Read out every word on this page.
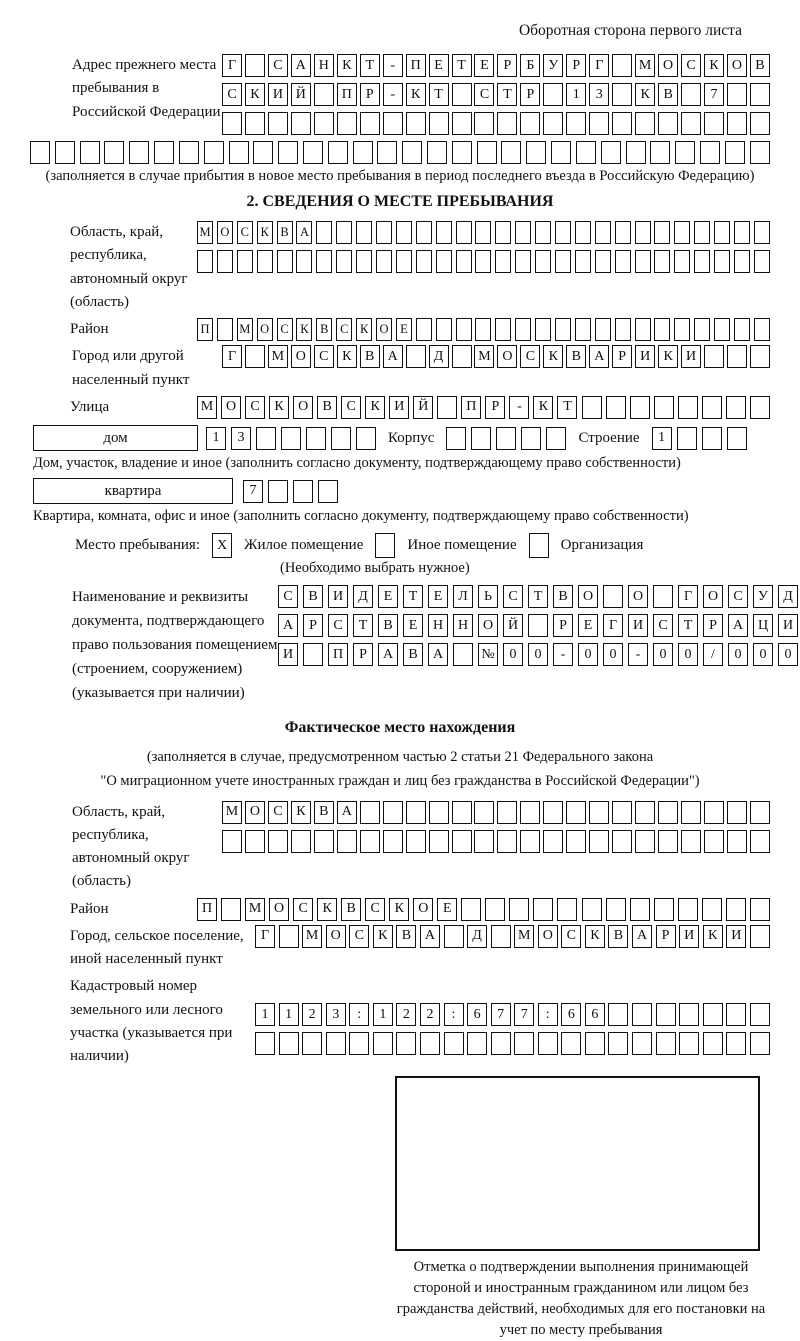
Оборотная сторона первого листа
Адрес прежнего места пребывания в Российской Федерации
Г	С А Н К	Т	-	П Е	Т	Е	Р	Б У	Р	Г	М О С К О В
С К И Й	П Р	-	К	Т	С	Т	Р	1	3	К В	7
(заполняется в случае прибытия в новое место пребывания в период последнего въезда в Российскую Федерацию)
2. СВЕДЕНИЯ О МЕСТЕ ПРЕБЫВАНИЯ
Область, край, республика, автономный округ (область)
М О С К В А
Район	П М О С К В С К О Е
Город или другой населенный пункт
Г	М О С К В А	Д	М О С К В А Р	И К И
Улица	М О	С	К	О	В	С	К	И Й	П	Р	-	К	Т
дом	1	3	Корпус	Строение	1
Дом, участок, владение и иное (заполнить согласно документу, подтверждающему право собственности)
квартира	7
Квартира, комната, офис и иное (заполнить согласно документу, подтверждающему право собственности)
Место пребывания:	X	Жилое помещение	Иное помещение	Организация
(Необходимо выбрать нужное)
Наименование и реквизиты документа, подтверждающего право пользования помещением (строением, сооружением) (указывается при наличии)
С	В	И	Д	Е	Т	Е	Л	Ь	С	Т	В	О	О	Г	О	С	У	Д
А	Р	С	Т	В	Е	Н	Н	О	Й	Р	Е	Г	И	С	Т	Р	А	Ц	И
И	П	Р	А	В	А	№	0	0	-	0	0	-	0	0	/	0	0	0
Фактическое место нахождения
(заполняется в случае, предусмотренном частью 2 статьи 21 Федерального закона
"О миграционном учете иностранных граждан и лиц без гражданства в Российской Федерации")
Область, край, республика, автономный округ (область)
М О С К В А
Район	П	М О	С	К	В	С	К	О	Е
Город, сельское поселение, иной населенный пункт
Г	М О С	К	В А	Д	М О С	К	В А	Р	И К И
Кадастровый номер земельного или лесного участка (указывается при наличии)
1	1	2	3	:	1	2	2	:	6	7	7	:	6	6
Отметка о подтверждении выполнения принимающей стороной и иностранным гражданином или лицом без гражданства действий, необходимых для его постановки на учет по месту пребывания
